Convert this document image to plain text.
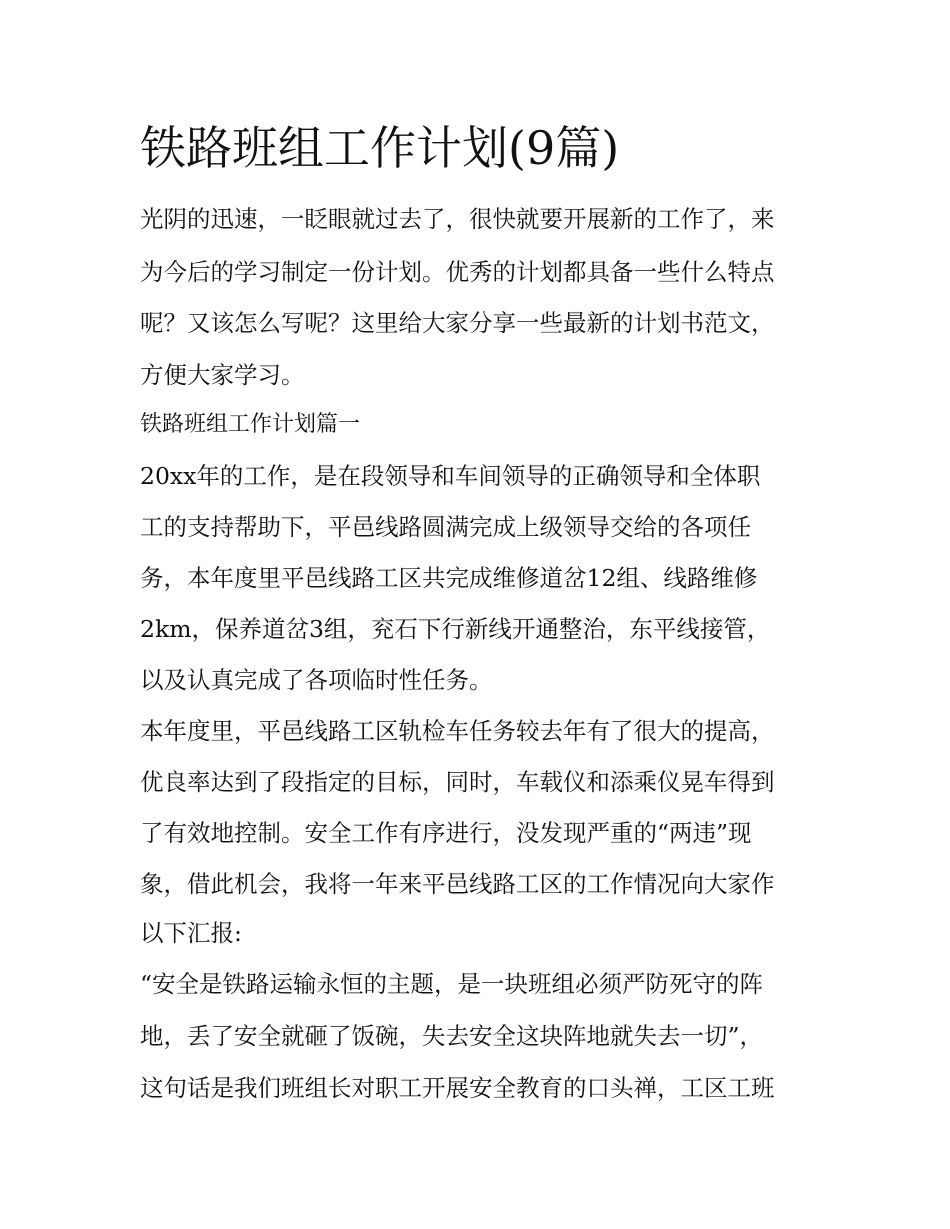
铁路班组工作计划(9篇)

光阴的迅速，一眨眼就过去了，很快就要开展新的工作了，来

为今后的学习制定一份计划。优秀的计划都具备一些什么特点

呢？又该怎么写呢？这里给大家分享一些最新的计划书范文，

方便大家学习。

铁路班组工作计划篇一

20xx年的工作，是在段领导和车间领导的正确领导和全体职

工的支持帮助下，平邑线路圆满完成上级领导交给的各项任

务，本年度里平邑线路工区共完成维修道岔12组、线路维修

2km，保养道岔3组，兖石下行新线开通整治，东平线接管，

以及认真完成了各项临时性任务。

本年度里，平邑线路工区轨检车任务较去年有了很大的提高，

优良率达到了段指定的目标，同时，车载仪和添乘仪晃车得到

了有效地控制。安全工作有序进行，没发现严重的“两违”现

象，借此机会，我将一年来平邑线路工区的工作情况向大家作

以下汇报:

“安全是铁路运输永恒的主题，是一块班组必须严防死守的阵

地，丢了安全就砸了饭碗，失去安全这块阵地就失去一切”，

这句话是我们班组长对职工开展安全教育的口头禅，工区工班
